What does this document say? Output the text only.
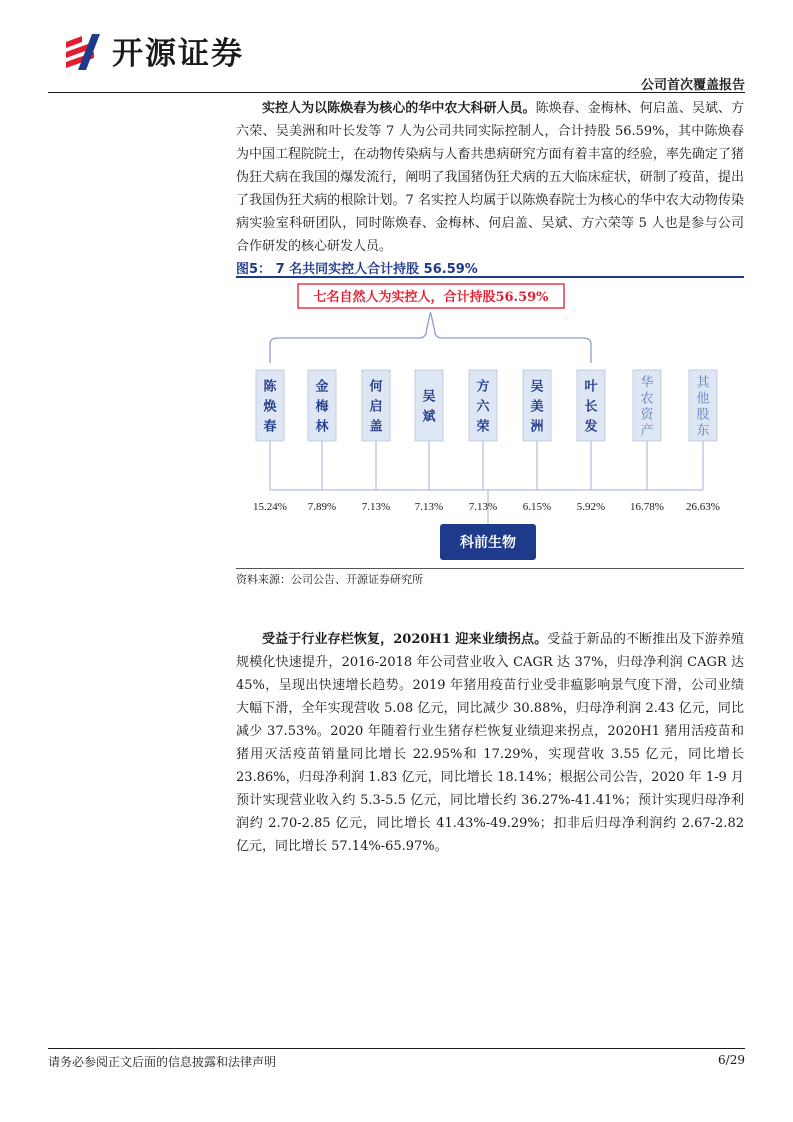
开源证券
公司首次覆盖报告

实控人为以陈焕春为核心的华中农大科研人员。陈焕春、金梅林、何启盖、吴斌、方六荣、吴美洲和叶长发等 7 人为公司共同实际控制人，合计持股 56.59%，其中陈焕春为中国工程院院士，在动物传染病与人畜共患病研究方面有着丰富的经验，率先确定了猪伪狂犬病在我国的爆发流行，阐明了我国猪伪狂犬病的五大临床症状，研制了疫苗，提出了我国伪狂犬病的根除计划。7 名实控人均属于以陈焕春院士为核心的华中农大动物传染病实验室科研团队，同时陈焕春、金梅林、何启盖、吴斌、方六荣等 5 人也是参与公司合作研发的核心研发人员。

图5： 7 名共同实控人合计持股 56.59%
七名自然人为实控人，合计持股56.59%
陈焕春
15.24%
金梅林
7.89%
何启盖
7.13%
吴斌
7.13%
方六荣
7.13%
吴美洲
6.15%
叶长发
5.92%
华农资产
16.78%
其他股东
26.63%
科前生物
资料来源：公司公告、开源证券研究所

受益于行业存栏恢复，2020H1 迎来业绩拐点。受益于新品的不断推出及下游养殖规模化快速提升，2016-2018 年公司营业收入 CAGR 达 37%，归母净利润 CAGR 达 45%，呈现出快速增长趋势。2019 年猪用疫苗行业受非瘟影响景气度下滑，公司业绩大幅下滑，全年实现营收 5.08 亿元，同比减少 30.88%，归母净利润 2.43 亿元，同比减少 37.53%。2020 年随着行业生猪存栏恢复业绩迎来拐点，2020H1 猪用活疫苗和猪用灭活疫苗销量同比增长 22.95%和 17.29%，实现营收 3.55 亿元，同比增长 23.86%，归母净利润 1.83 亿元，同比增长 18.14%；根据公司公告，2020 年 1-9 月预计实现营业收入约 5.3-5.5 亿元，同比增长约 36.27%-41.41%；预计实现归母净利润约 2.70-2.85 亿元，同比增长 41.43%-49.29%；扣非后归母净利润约 2.67-2.82 亿元，同比增长 57.14%-65.97%。

请务必参阅正文后面的信息披露和法律声明	6/29
